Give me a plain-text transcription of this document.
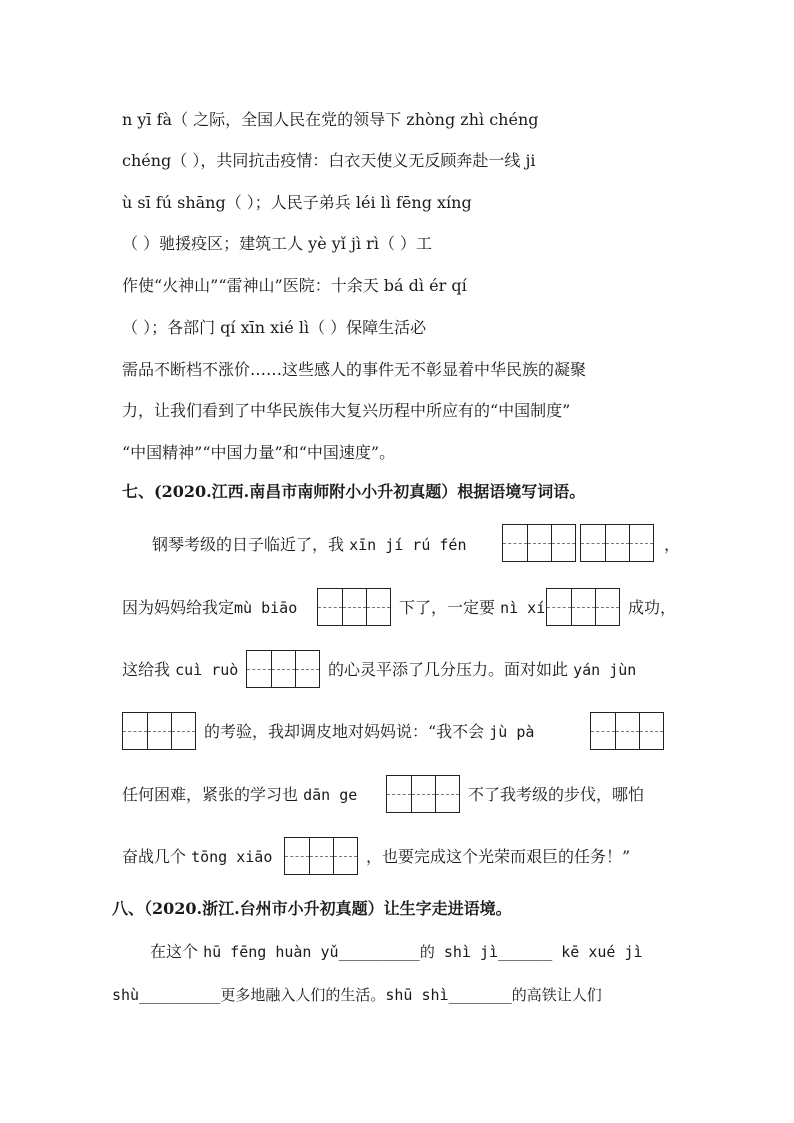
n yī fà（ 之际，全国人民在党的领导下 zhòng zhì chéng
chéng（ ），共同抗击疫情：白衣天使义无反顾奔赴一线 ji
ù sī fú shāng（ ）；人民子弟兵 léi lì fēng xíng
（ ）驰援疫区；建筑工人 yè yǐ jì rì（ ）工
作使“火神山”“雷神山”医院：十余天 bá dì ér qí
（ ）；各部门 qí xīn xié lì（ ）保障生活必
需品不断档不涨价……这些感人的事件无不彰显着中华民族的凝聚
力，让我们看到了中华民族伟大复兴历程中所应有的“中国制度”
“中国精神”“中国力量”和“中国速度”。
七、(2020.江西.南昌市南师附小小升初真题）根据语境写词语。
钢琴考级的日子临近了，我 xīn jí rú fén	，
因为妈妈给我定mù biāo	下了，一定要 nì xí	成功，
这给我 cuì ruò	的心灵平添了几分压力。面对如此 yán jùn
的考验，我却调皮地对妈妈说：“我不会 jù pà
任何困难，紧张的学习也 dān ge	不了我考级的步伐，哪怕
奋战几个 tōng xiāo	，也要完成这个光荣而艰巨的任务！”
八、（2020.浙江.台州市小升初真题）让生字走进语境。
在这个 hū fēng huàn yǔ_________的 shì jì______ kē xué jì
shù_________更多地融入人们的生活。shū shì_______的高铁让人们
